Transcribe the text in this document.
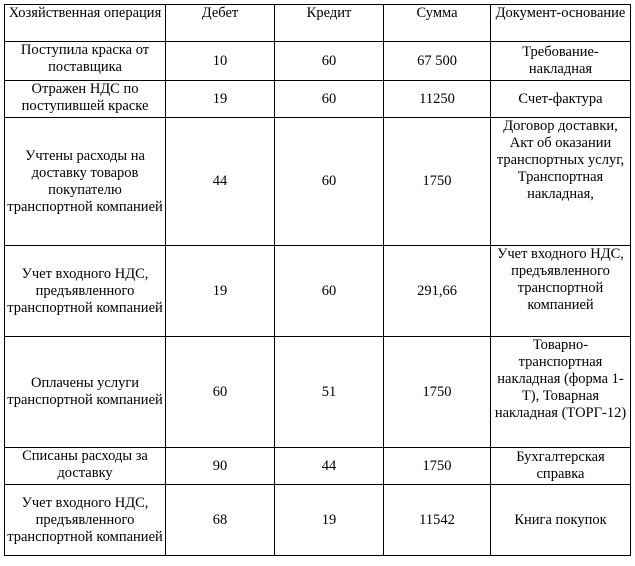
Хозяйственная операция	Дебет	Кредит	Сумма	Документ-основание
Поступила краска от поставщика	10	60	67 500	Требование-накладная
Отражен НДС по поступившей краске	19	60	11250	Счет-фактура
Учтены расходы на доставку товаров покупателю транспортной компанией	44	60	1750	Договор доставки, Акт об оказании транспортных услуг, Транспортная накладная,
Учет входного НДС, предъявленного транспортной компанией	19	60	291,66	Учет входного НДС, предъявленного транспортной компанией
Оплачены услуги транспортной компанией	60	51	1750	Товарно-транспортная накладная (форма 1-Т), Товарная накладная (ТОРГ-12)
Списаны расходы за доставку	90	44	1750	Бухгалтерская справка
Учет входного НДС, предъявленного транспортной компанией	68	19	11542	Книга покупок
